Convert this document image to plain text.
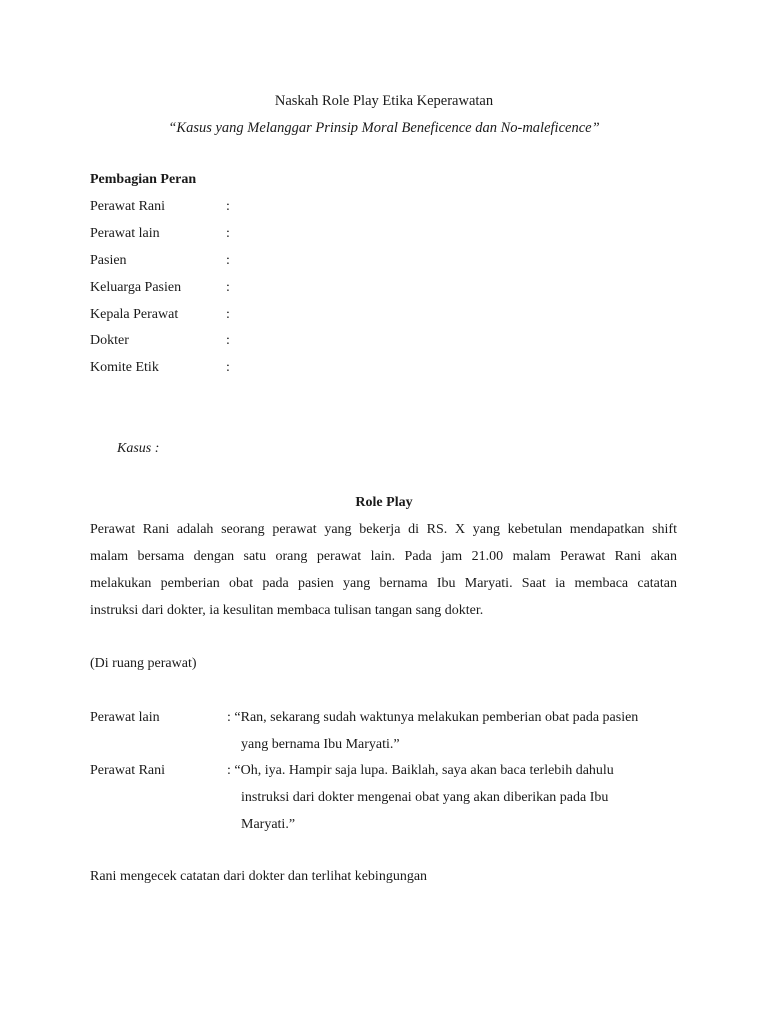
Naskah Role Play Etika Keperawatan
“Kasus yang Melanggar Prinsip Moral Beneficence dan No-maleficence”
Pembagian Peran
Perawat Rani	:
Perawat lain	:
Pasien	:
Keluarga Pasien	:
Kepala Perawat	:
Dokter	:
Komite Etik	:
Kasus :
Role Play
Perawat Rani adalah seorang perawat yang bekerja di RS. X yang kebetulan mendapatkan shift
malam bersama dengan satu orang perawat lain. Pada jam 21.00 malam Perawat Rani akan
melakukan pemberian obat pada pasien yang bernama Ibu Maryati. Saat ia membaca catatan
instruksi dari dokter, ia kesulitan membaca tulisan tangan sang dokter.
(Di ruang perawat)
Perawat lain	: “Ran, sekarang sudah waktunya melakukan pemberian obat pada pasien
yang bernama Ibu Maryati.”
Perawat Rani	: “Oh, iya. Hampir saja lupa. Baiklah, saya akan baca terlebih dahulu
instruksi dari dokter mengenai obat yang akan diberikan pada Ibu
Maryati.”
Rani mengecek catatan dari dokter dan terlihat kebingungan
